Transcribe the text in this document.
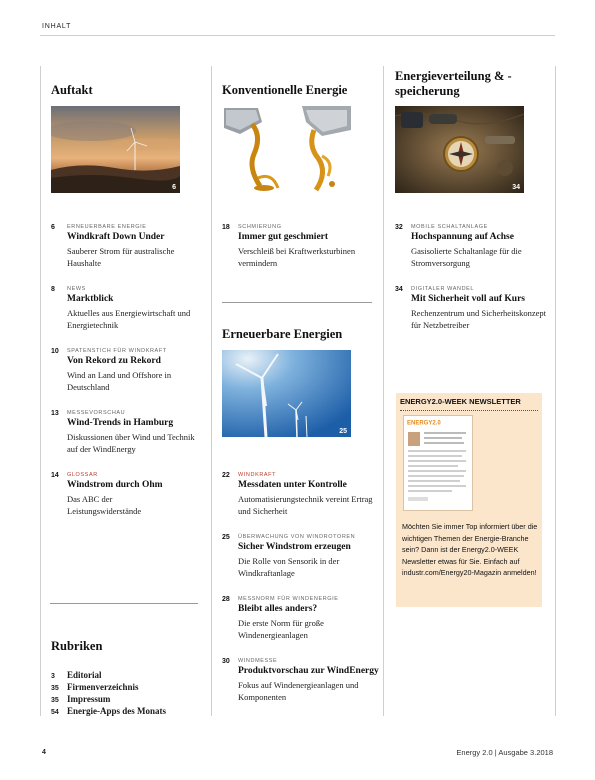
INHALT
Auftakt
6
6 ERNEUERBARE ENERGIE
Windkraft Down Under
Sauberer Strom für australische Haushalte
8 NEWS
Marktblick
Aktuelles aus Energiewirtschaft und Energietechnik
10 SPATENSTICH FÜR WINDKRAFT
Von Rekord zu Rekord
Wind an Land und Offshore in Deutschland
13 MESSEVORSCHAU
Wind-Trends in Hamburg
Diskussionen über Wind und Technik auf der WindEnergy
14 GLOSSAR
Windstrom durch Ohm
Das ABC der Leistungswiderstände
Rubriken
3 Editorial
35 Firmenverzeichnis
35 Impressum
54 Energie-Apps des Monats
Konventionelle Energie
18
18 SCHMIERUNG
Immer gut geschmiert
Verschleiß bei Kraftwerksturbinen vermindern
Erneuerbare Energien
25
22 WINDKRAFT
Messdaten unter Kontrolle
Automatisierungstechnik vereint Ertrag und Sicherheit
25 ÜBERWACHUNG VON WINDROTOREN
Sicher Windstrom erzeugen
Die Rolle von Sensorik in der Windkraftanlage
28 MESSNORM FÜR WINDENERGIE
Bleibt alles anders?
Die erste Norm für große Windenergieanlagen
30 WINDMESSE
Produktvorschau zur WindEnergy
Fokus auf Windenergieanlagen und Komponenten
Energieverteilung & -speicherung
34
32 MOBILE SCHALTANLAGE
Hochspannung auf Achse
Gasisolierte Schaltanlage für die Stromversorgung
34 DIGITALER WANDEL
Mit Sicherheit voll auf Kurs
Rechenzentrum und Sicherheitskonzept für Netzbetreiber
ENERGY2.0-WEEK NEWSLETTER
ENERGY2.0
Möchten Sie immer Top informiert über die wichtigen Themen der Energie-Branche sein? Dann ist der Energy2.0-WEEK Newsletter etwas für Sie. Einfach auf industr.com/Energy20-Magazin anmelden!
4	Energy 2.0 | Ausgabe 3.2018
